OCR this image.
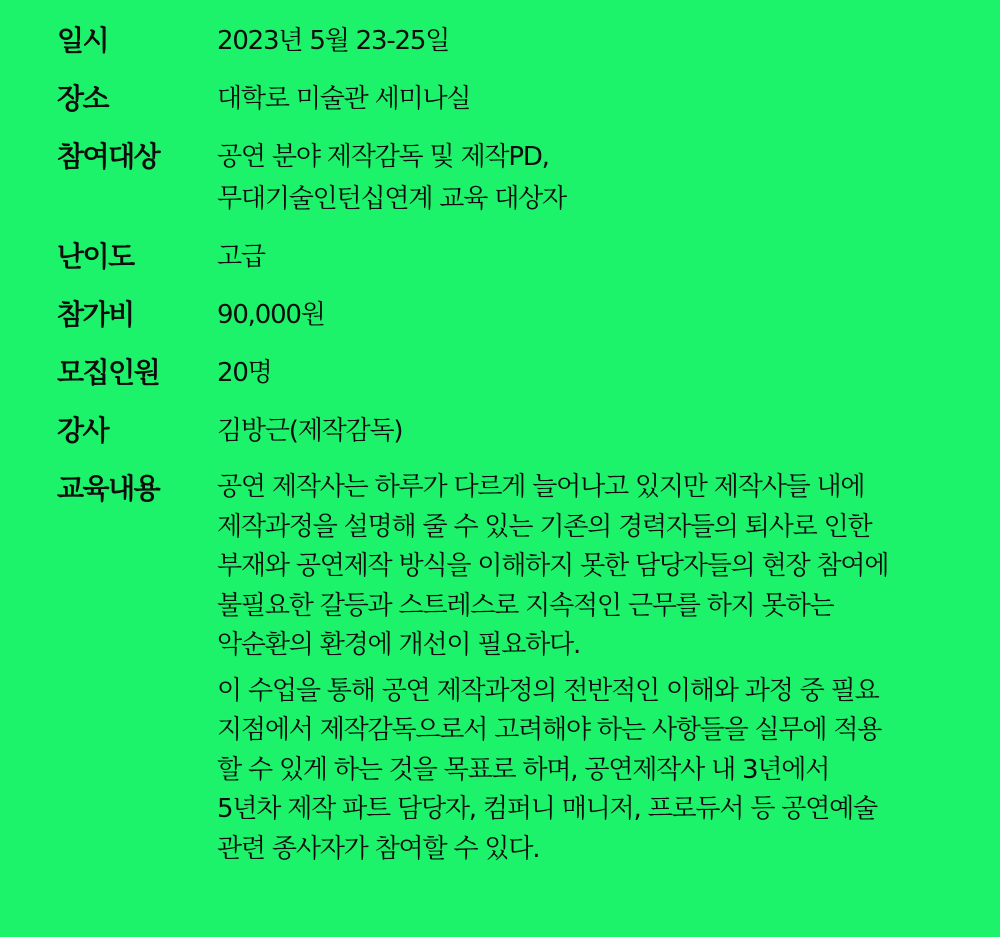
일시	2023년 5월 23-25일
장소	대학로 미술관 세미나실
참여대상	공연 분야 제작감독 및 제작PD,
무대기술인턴십연계 교육 대상자
난이도	고급
참가비	90,000원
모집인원	20명
강사	김방근(제작감독)
교육내용	공연 제작사는 하루가 다르게 늘어나고 있지만 제작사들 내에
제작과정을 설명해 줄 수 있는 기존의 경력자들의 퇴사로 인한
부재와 공연제작 방식을 이해하지 못한 담당자들의 현장 참여에
불필요한 갈등과 스트레스로 지속적인 근무를 하지 못하는
악순환의 환경에 개선이 필요하다.

이 수업을 통해 공연 제작과정의 전반적인 이해와 과정 중 필요
지점에서 제작감독으로서 고려해야 하는 사항들을 실무에 적용
할 수 있게 하는 것을 목표로 하며, 공연제작사 내 3년에서
5년차 제작 파트 담당자, 컴퍼니 매니저, 프로듀서 등 공연예술
관련 종사자가 참여할 수 있다.
